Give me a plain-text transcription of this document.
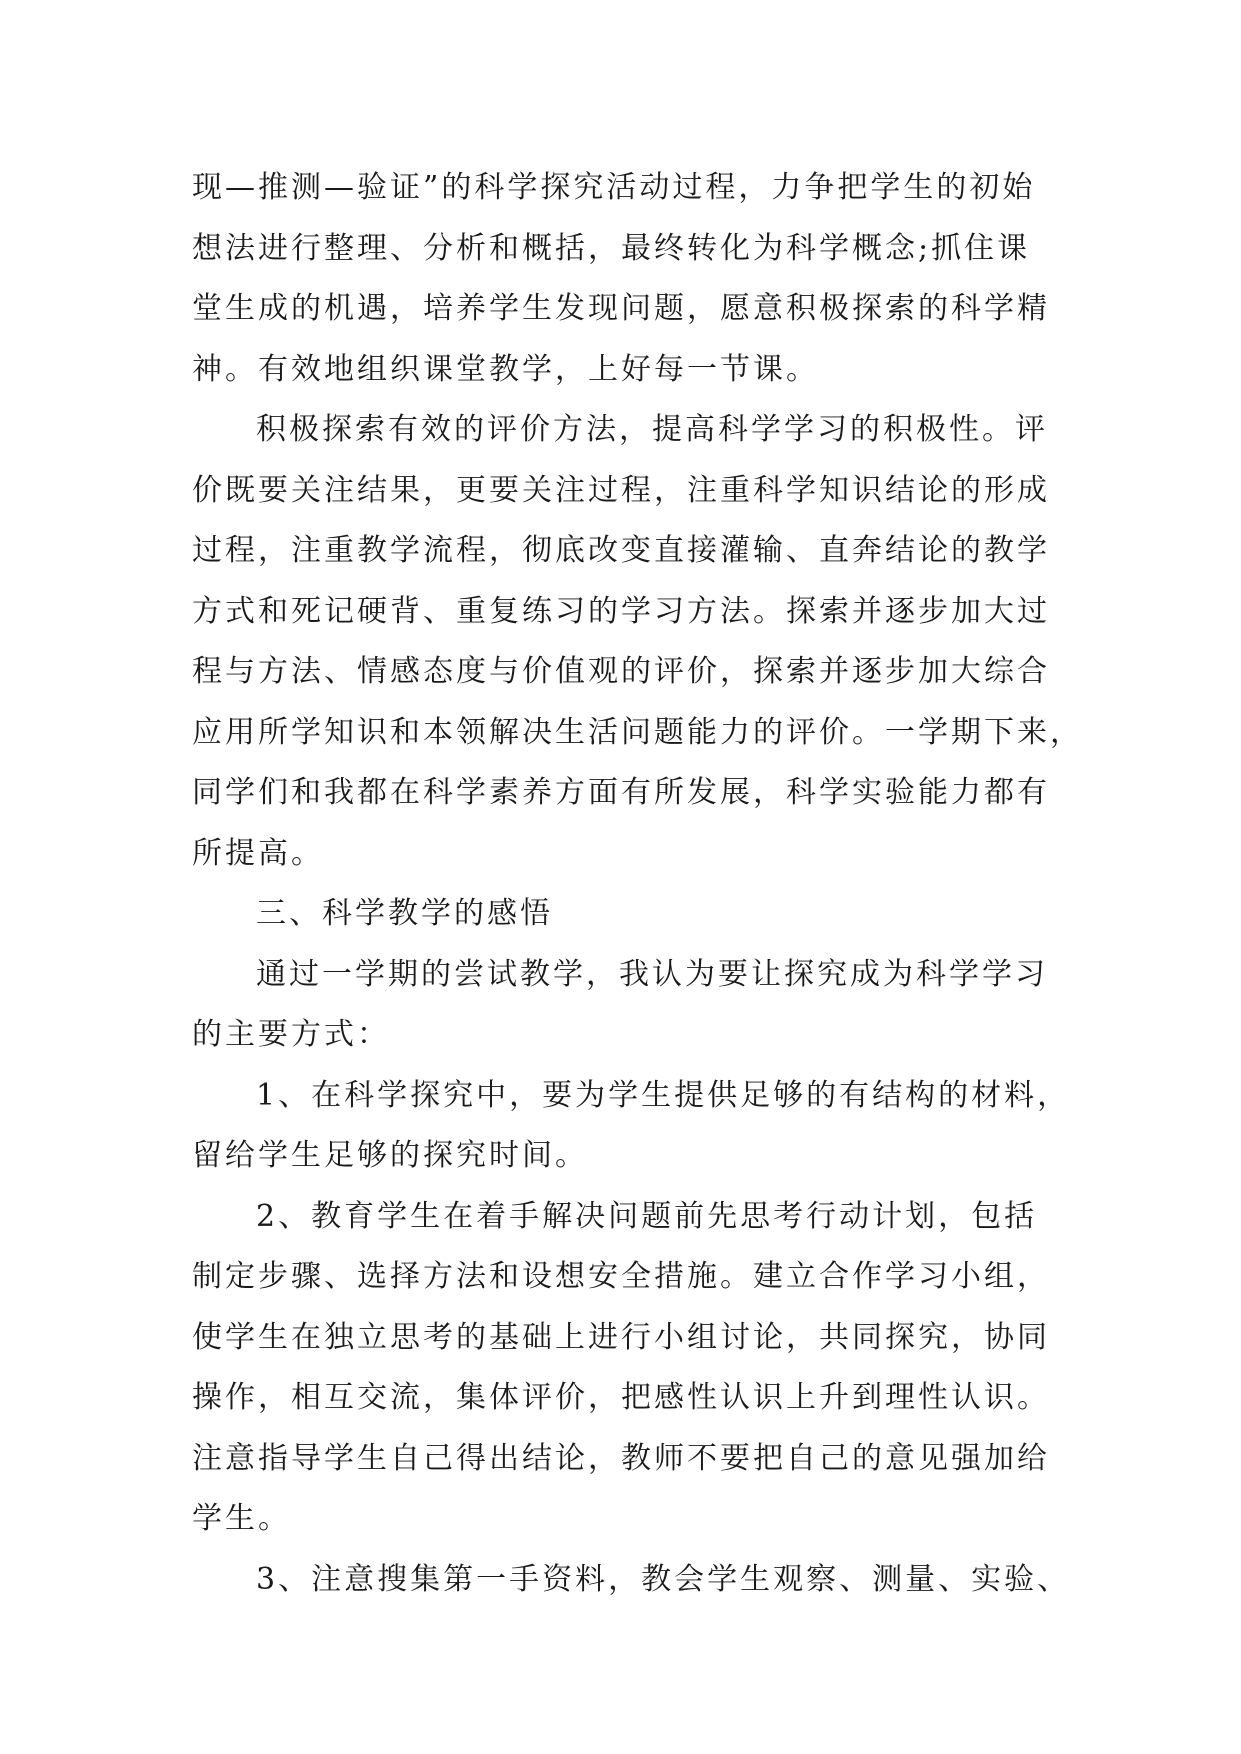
现—推测—验证”的科学探究活动过程，力争把学生的初始
想法进行整理、分析和概括，最终转化为科学概念;抓住课
堂生成的机遇，培养学生发现问题，愿意积极探索的科学精
神。有效地组织课堂教学，上好每一节课。
积极探索有效的评价方法，提高科学学习的积极性。评
价既要关注结果，更要关注过程，注重科学知识结论的形成
过程，注重教学流程，彻底改变直接灌输、直奔结论的教学
方式和死记硬背、重复练习的学习方法。探索并逐步加大过
程与方法、情感态度与价值观的评价，探索并逐步加大综合
应用所学知识和本领解决生活问题能力的评价。一学期下来，
同学们和我都在科学素养方面有所发展，科学实验能力都有
所提高。
三、科学教学的感悟
通过一学期的尝试教学，我认为要让探究成为科学学习
的主要方式：
1、在科学探究中，要为学生提供足够的有结构的材料，
留给学生足够的探究时间。
2、教育学生在着手解决问题前先思考行动计划，包括
制定步骤、选择方法和设想安全措施。建立合作学习小组，
使学生在独立思考的基础上进行小组讨论，共同探究，协同
操作，相互交流，集体评价，把感性认识上升到理性认识。
注意指导学生自己得出结论，教师不要把自己的意见强加给
学生。
3、注意搜集第一手资料，教会学生观察、测量、实验、
